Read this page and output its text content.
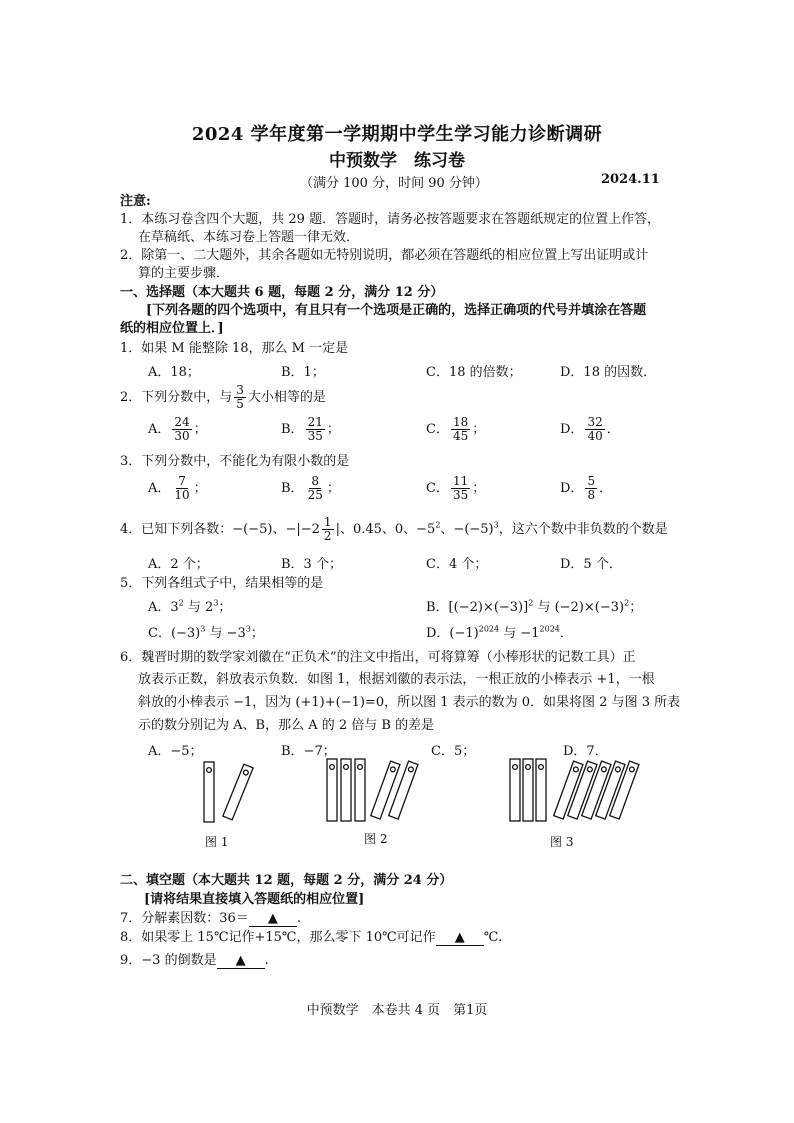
2024 学年度第一学期期中学生学习能力诊断调研
中预数学　练习卷
（满分 100 分，时间 90 分钟）	2024.11
注意:
1．本练习卷含四个大题，共 29 题．答题时，请务必按答题要求在答题纸规定的位置上作答，
在草稿纸、本练习卷上答题一律无效．
2．除第一、二大题外，其余各题如无特别说明，都必须在答题纸的相应位置上写出证明或计
算的主要步骤．
一、选择题（本大题共 6 题，每题 2 分，满分 12 分）
[下列各题的四个选项中，有且只有一个选项是正确的，选择正确项的代号并填涂在答题
纸的相应位置上．]
1．如果 M 能整除 18，那么 M 一定是
A．18；	B．1；	C．18 的倍数；	D．18 的因数．
2．下列分数中，与 $\frac{3}{5}$ 大小相等的是
A． $\frac{24}{30}$ ；	B． $\frac{21}{35}$ ；	C． $\frac{18}{45}$ ；	D． $\frac{32}{40}$ ．
3．下列分数中，不能化为有限小数的是
A． $\frac{7}{10}$ ；	B． $\frac{8}{25}$ ；	C． $\frac{11}{35}$ ；	D． $\frac{5}{8}$ ．
4．已知下列各数：−(−5)、$-|-2 \frac{1}{2}$ |、0.45、0、$-5^2$、$-(-5)^3$，这六个数中非负数的个数是
A．2 个；	B．3 个；	C．4 个；	D．5 个．
5．下列各组式子中，结果相等的是
A．$3^2$ 与 $2^3$；	B．$[(-2)\times(-3)]^2$ 与 $(-2)\times(-3)^2$；
C．$(-3)^3$ 与 $-3^3$；	D．$(-1)^{2024}$ 与 $-1^{2024}$．
6．魏晋时期的数学家刘徽在“正负术”的注文中指出，可将算筹（小棒形状的记数工具）正
放表示正数，斜放表示负数．如图 1，根据刘徽的表示法，一根正放的小棒表示 +1，一根
斜放的小棒表示 −1，因为 (+1)+(−1)=0，所以图 1 表示的数为 0．如果将图 2 与图 3 所表
示的数分别记为 A、B，那么 A 的 2 倍与 B 的差是
A．−5；	B．−7；	C．5；	D．7．
图 1	图 2	图 3
二、填空题（本大题共 12 题，每题 2 分，满分 24 分）
[请将结果直接填入答题纸的相应位置]
7．分解素因数：36＝ ▲ .
8．如果零上 15℃记作+15℃，那么零下 10℃可记作 ▲ ℃．
9．−3 的倒数是 ▲ .
中预数学　本卷共 4 页　第1页
